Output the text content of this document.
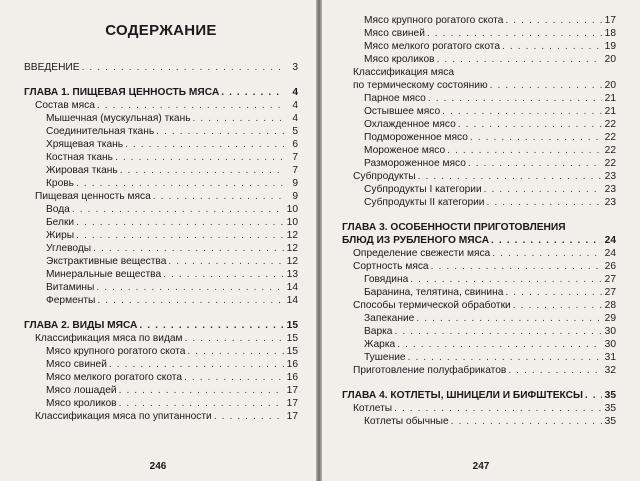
СОДЕРЖАНИЕ
ВВЕДЕНИЕ . . .	3
ГЛАВА 1. ПИЩЕВАЯ ЦЕННОСТЬ МЯСА . . .	4
Состав мяса . . .	4
Мышечная (мускульная) ткань . . .	4
Соединительная ткань . . .	5
Хрящевая ткань . . .	6
Костная ткань . . .	7
Жировая ткань . . .	7
Кровь . . .	9
Пищевая ценность мяса . . .	9
Вода . . .	10
Белки . . .	10
Жиры . . .	12
Углеводы . . .	12
Экстрактивные вещества . . .	12
Минеральные вещества . . .	13
Витамины . . .	14
Ферменты . . .	14
ГЛАВА 2. ВИДЫ МЯСА . . .	15
Классификация мяса по видам . . .	15
Мясо крупного рогатого скота . . .	15
Мясо свиней . . .	16
Мясо мелкого рогатого скота . . .	16
Мясо лошадей . . .	17
Мясо кроликов . . .	17
Классификация мяса по упитанности . . .	17
246
Мясо крупного рогатого скота . . .	17
Мясо свиней . . .	18
Мясо мелкого рогатого скота . . .	19
Мясо кроликов . . .	20
Классификация мяса
по термическому состоянию . . .	20
Парное мясо . . .	21
Остывшее мясо . . .	21
Охлажденное мясо . . .	22
Подмороженное мясо . . .	22
Мороженое мясо . . .	22
Размороженное мясо . . .	22
Субпродукты . . .	23
Субпродукты I категории . . .	23
Субпродукты II категории . . .	23
ГЛАВА 3. ОСОБЕННОСТИ ПРИГОТОВЛЕНИЯ
БЛЮД ИЗ РУБЛЕНОГО МЯСА . . .	24
Определение свежести мяса . . .	24
Сортность мяса . . .	26
Говядина . . .	27
Баранина, телятина, свинина . . .	27
Способы термической обработки . . .	28
Запекание . . .	29
Варка . . .	30
Жарка . . .	30
Тушение . . .	31
Приготовление полуфабрикатов . . .	32
ГЛАВА 4. КОТЛЕТЫ, ШНИЦЕЛИ И БИФШТЕКСЫ . . . 35
Котлеты . . .	35
Котлеты обычные . . .	35
247
